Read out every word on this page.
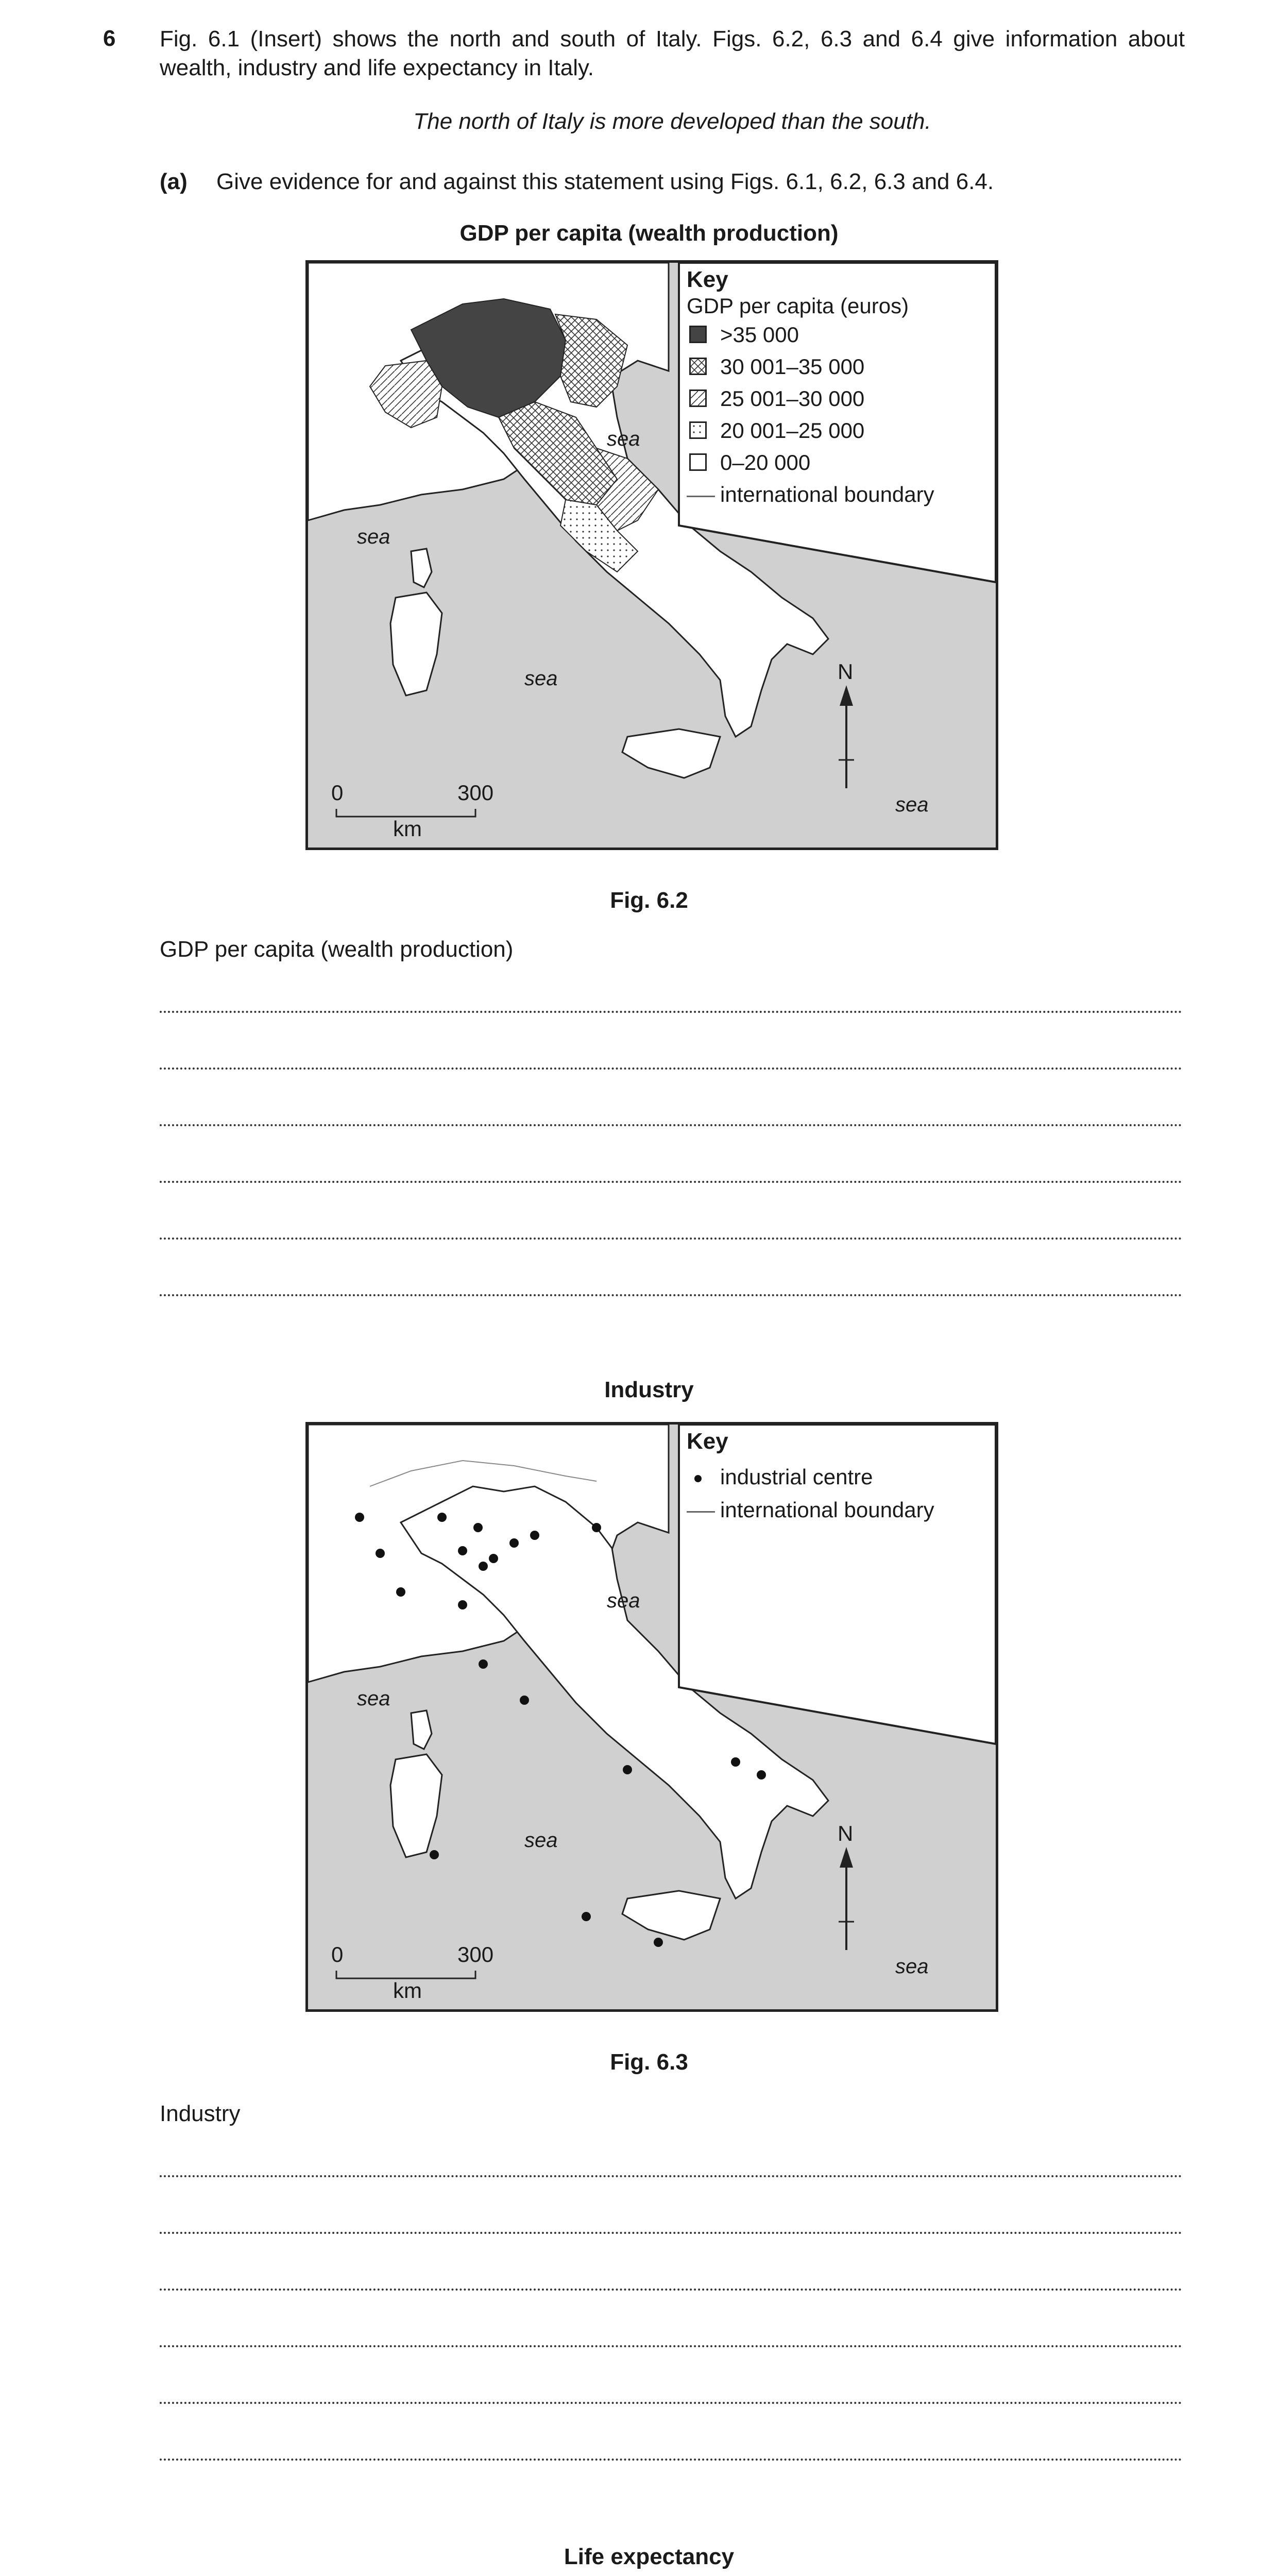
6 Fig. 6.1 (Insert) shows the north and south of Italy. Figs. 6.2, 6.3 and 6.4 give information about wealth, industry and life expectancy in Italy.
The north of Italy is more developed than the south.
(a) Give evidence for and against this statement using Figs. 6.1, 6.2, 6.3 and 6.4.
GDP per capita (wealth production)
Key
GDP per capita (euros)
>35 000
30 001–35 000
25 001–30 000
20 001–25 000
0–20 000
international boundary
sea
sea
sea
sea
N
0	300
km
Fig. 6.2
GDP per capita (wealth production)
Industry
Key
industrial centre
international boundary
sea
sea
sea
sea
N
0	300
km
Fig. 6.3
Industry
Life expectancy
